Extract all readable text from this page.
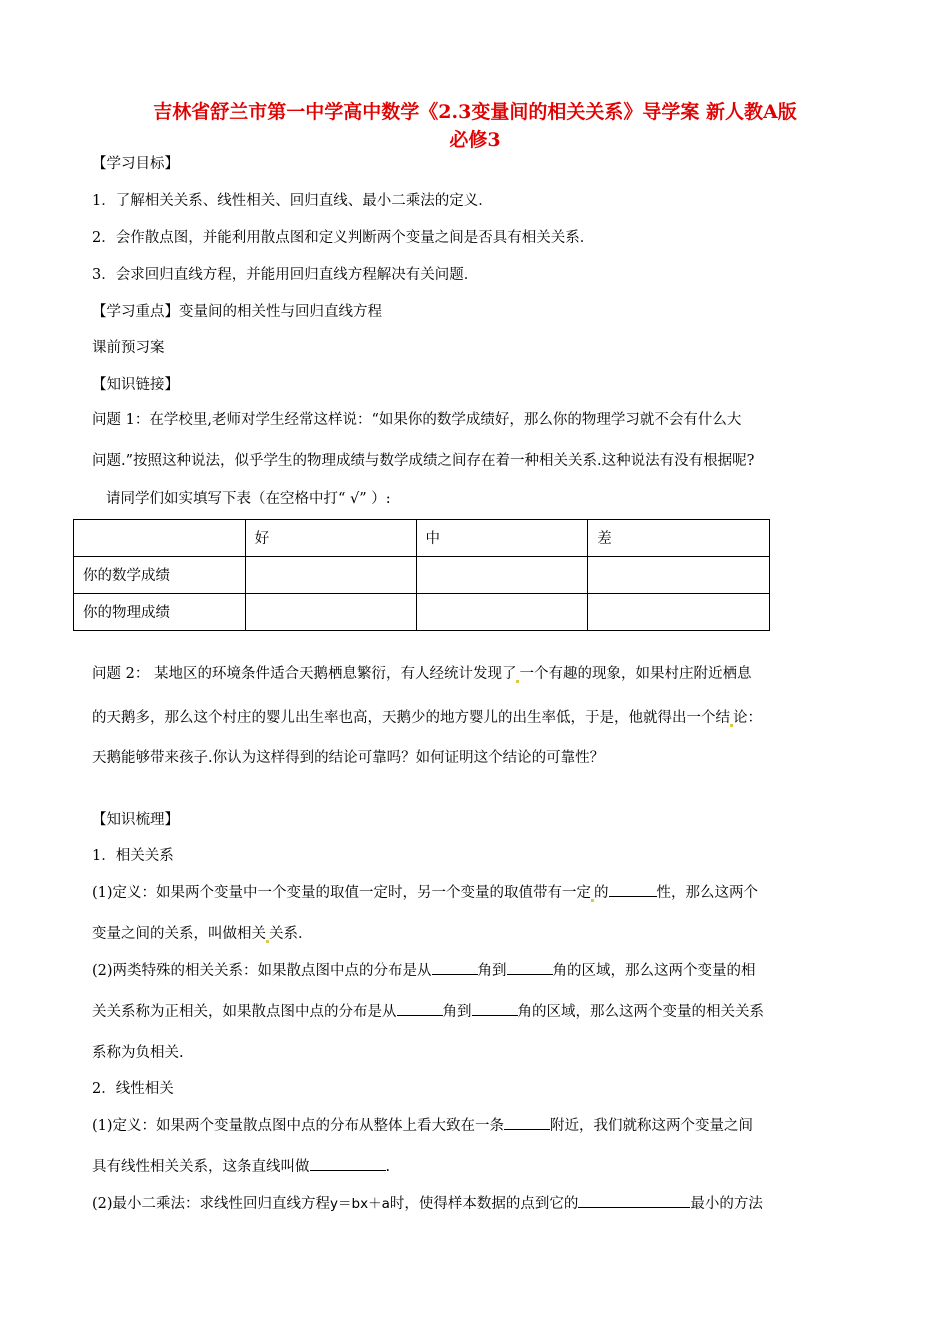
吉林省舒兰市第一中学高中数学《2.3变量间的相关关系》导学案 新人教A版
必修3

【学习目标】

1．了解相关关系、线性相关、回归直线、最小二乘法的定义．

2．会作散点图，并能利用散点图和定义判断两个变量之间是否具有相关关系．

3．会求回归直线方程，并能用回归直线方程解决有关问题．

【学习重点】变量间的相关性与回归直线方程

课前预习案

【知识链接】

问题 1：在学校里,老师对学生经常这样说：“如果你的数学成绩好，那么你的物理学习就不会有什么大

问题.”按照这种说法，似乎学生的物理成绩与数学成绩之间存在着一种相关关系.这种说法有没有根据呢?

请同学们如实填写下表（在空格中打“ √” ）:

	好	中	差
你的数学成绩			
你的物理成绩			

问题 2： 某地区的环境条件适合天鹅栖息繁衍，有人经统计发现了 一个有趣的现象，如果村庄附近栖息

的天鹅多，那么这个村庄的婴儿出生率也高，天鹅少的地方婴儿的出生率低，于是，他就得出一个结 论：

天鹅能够带来孩子.你认为这样得到的结论可靠吗？如何证明这个结论的可靠性？

【知识梳理】

1．相关关系

(1)定义：如果两个变量中一个变量的取值一定时，另一个变量的取值带有一定 的	性，那么这两个

变量之间的关系，叫做相关 关系．

(2)两类特殊的相关关系：如果散点图中点的分布是从	角到	角的区域，那么这两个变量的相

关关系称为正相关，如果散点图中点的分布是从	角到	角的区域，那么这两个变量的相关关系

系称为负相关.

2．线性相关

(1)定义：如果两个变量散点图中点的分布从整体上看大致在一条	附近，我们就称这两个变量之间

具有线性相关关系，这条直线叫做	.

(2)最小二乘法：求线性回归直线方程y＝bx＋a时，使得样本数据的点到它的	最小的方法
